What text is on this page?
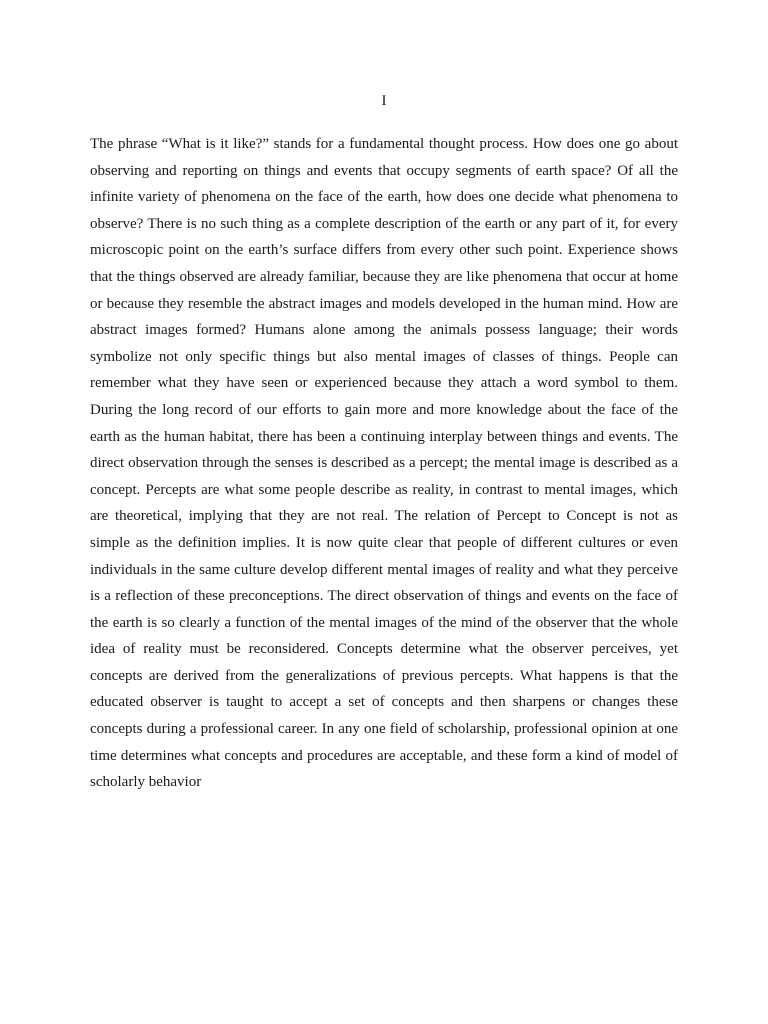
I
The phrase “What is it like?” stands for a fundamental thought process. How does one go about
observing and reporting on things and events that occupy segments of earth space? Of all the
infinite variety of phenomena on the face of the earth, how does one decide what phenomena to
observe? There is no such thing as a complete description of the earth or any part of it, for every
microscopic point on the earth’s surface differs from every other such point. Experience shows
that the things observed are already familiar, because they are like phenomena that occur at home
or because they resemble the abstract images and models developed in the human mind. How are
abstract images formed? Humans alone among the animals possess language; their words
symbolize not only specific things but also mental images of classes of things. People can
remember what they have seen or experienced because they attach a word symbol to them.
During the long record of our efforts to gain more and more knowledge about the face of the
earth as the human habitat, there has been a continuing interplay between things and events. The
direct observation through the senses is described as a percept; the mental image is described as a
concept. Percepts are what some people describe as reality, in contrast to mental images, which
are theoretical, implying that they are not real. The relation of Percept to Concept is not as
simple as the definition implies. It is now quite clear that people of different cultures or even
individuals in the same culture develop different mental images of reality and what they perceive
is a reflection of these preconceptions. The direct observation of things and events on the face of
the earth is so clearly a function of the mental images of the mind of the observer that the whole
idea of reality must be reconsidered. Concepts determine what the observer perceives, yet
concepts are derived from the generalizations of previous percepts. What happens is that the
educated observer is taught to accept a set of concepts and then sharpens or changes these
concepts during a professional career. In any one field of scholarship, professional opinion at one
time determines what concepts and procedures are acceptable, and these form a kind of model of
scholarly behavior
